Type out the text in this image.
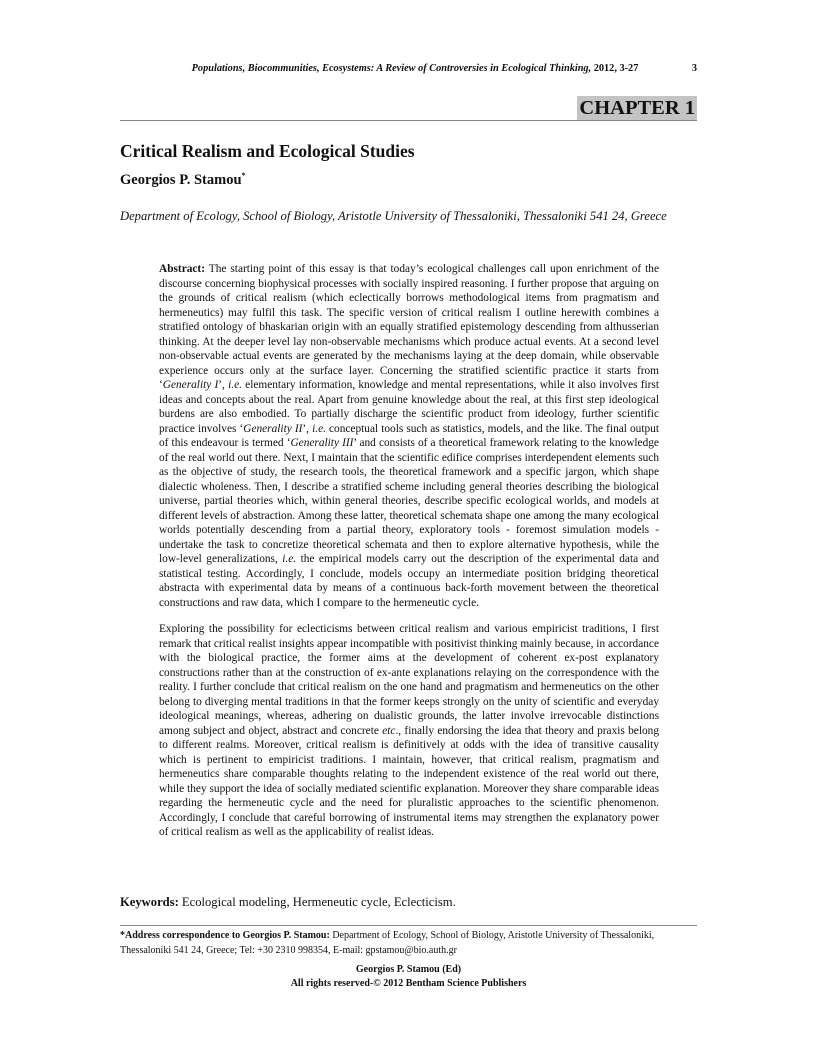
Populations, Biocommunities, Ecosystems: A Review of Controversies in Ecological Thinking, 2012, 3-27	3
CHAPTER 1
Critical Realism and Ecological Studies
Georgios P. Stamou*
Department of Ecology, School of Biology, Aristotle University of Thessaloniki, Thessaloniki 541 24, Greece

Abstract: The starting point of this essay is that today’s ecological challenges call upon enrichment of the discourse concerning biophysical processes with socially inspired reasoning. I further propose that arguing on the grounds of critical realism (which eclectically borrows methodological items from pragmatism and hermeneutics) may fulfil this task. The specific version of critical realism I outline herewith combines a stratified ontology of bhaskarian origin with an equally stratified epistemology descending from althusserian thinking. At the deeper level lay non-observable mechanisms which produce actual events. At a second level non-observable actual events are generated by the mechanisms laying at the deep domain, while observable experience occurs only at the surface layer. Concerning the stratified scientific practice it starts from ‘Generality I’, i.e. elementary information, knowledge and mental representations, while it also involves first ideas and concepts about the real. Apart from genuine knowledge about the real, at this first step ideological burdens are also embodied. To partially discharge the scientific product from ideology, further scientific practice involves ‘Generality II’, i.e. conceptual tools such as statistics, models, and the like. The final output of this endeavour is termed ‘Generality III’ and consists of a theoretical framework relating to the knowledge of the real world out there. Next, I maintain that the scientific edifice comprises interdependent elements such as the objective of study, the research tools, the theoretical framework and a specific jargon, which shape dialectic wholeness. Then, I describe a stratified scheme including general theories describing the biological universe, partial theories which, within general theories, describe specific ecological worlds, and models at different levels of abstraction. Among these latter, theoretical schemata shape one among the many ecological worlds potentially descending from a partial theory, exploratory tools - foremost simulation models - undertake the task to concretize theoretical schemata and then to explore alternative hypothesis, while the low-level generalizations, i.e. the empirical models carry out the description of the experimental data and statistical testing. Accordingly, I conclude, models occupy an intermediate position bridging theoretical abstracta with experimental data by means of a continuous back-forth movement between the theoretical constructions and raw data, which I compare to the hermeneutic cycle.

Exploring the possibility for eclecticisms between critical realism and various empiricist traditions, I first remark that critical realist insights appear incompatible with positivist thinking mainly because, in accordance with the biological practice, the former aims at the development of coherent ex-post explanatory constructions rather than at the construction of ex-ante explanations relaying on the correspondence with the reality. I further conclude that critical realism on the one hand and pragmatism and hermeneutics on the other belong to diverging mental traditions in that the former keeps strongly on the unity of scientific and everyday ideological meanings, whereas, adhering on dualistic grounds, the latter involve irrevocable distinctions among subject and object, abstract and concrete etc., finally endorsing the idea that theory and praxis belong to different realms. Moreover, critical realism is definitively at odds with the idea of transitive causality which is pertinent to empiricist traditions. I maintain, however, that critical realism, pragmatism and hermeneutics share comparable thoughts relating to the independent existence of the real world out there, while they support the idea of socially mediated scientific explanation. Moreover they share comparable ideas regarding the hermeneutic cycle and the need for pluralistic approaches to the scientific phenomenon. Accordingly, I conclude that careful borrowing of instrumental items may strengthen the explanatory power of critical realism as well as the applicability of realist ideas.

Keywords: Ecological modeling, Hermeneutic cycle, Eclecticism.
*Address correspondence to Georgios P. Stamou: Department of Ecology, School of Biology, Aristotle University of Thessaloniki, Thessaloniki 541 24, Greece; Tel: +30 2310 998354, E-mail: gpstamou@bio.auth.gr
Georgios P. Stamou (Ed)
All rights reserved-© 2012 Bentham Science Publishers
